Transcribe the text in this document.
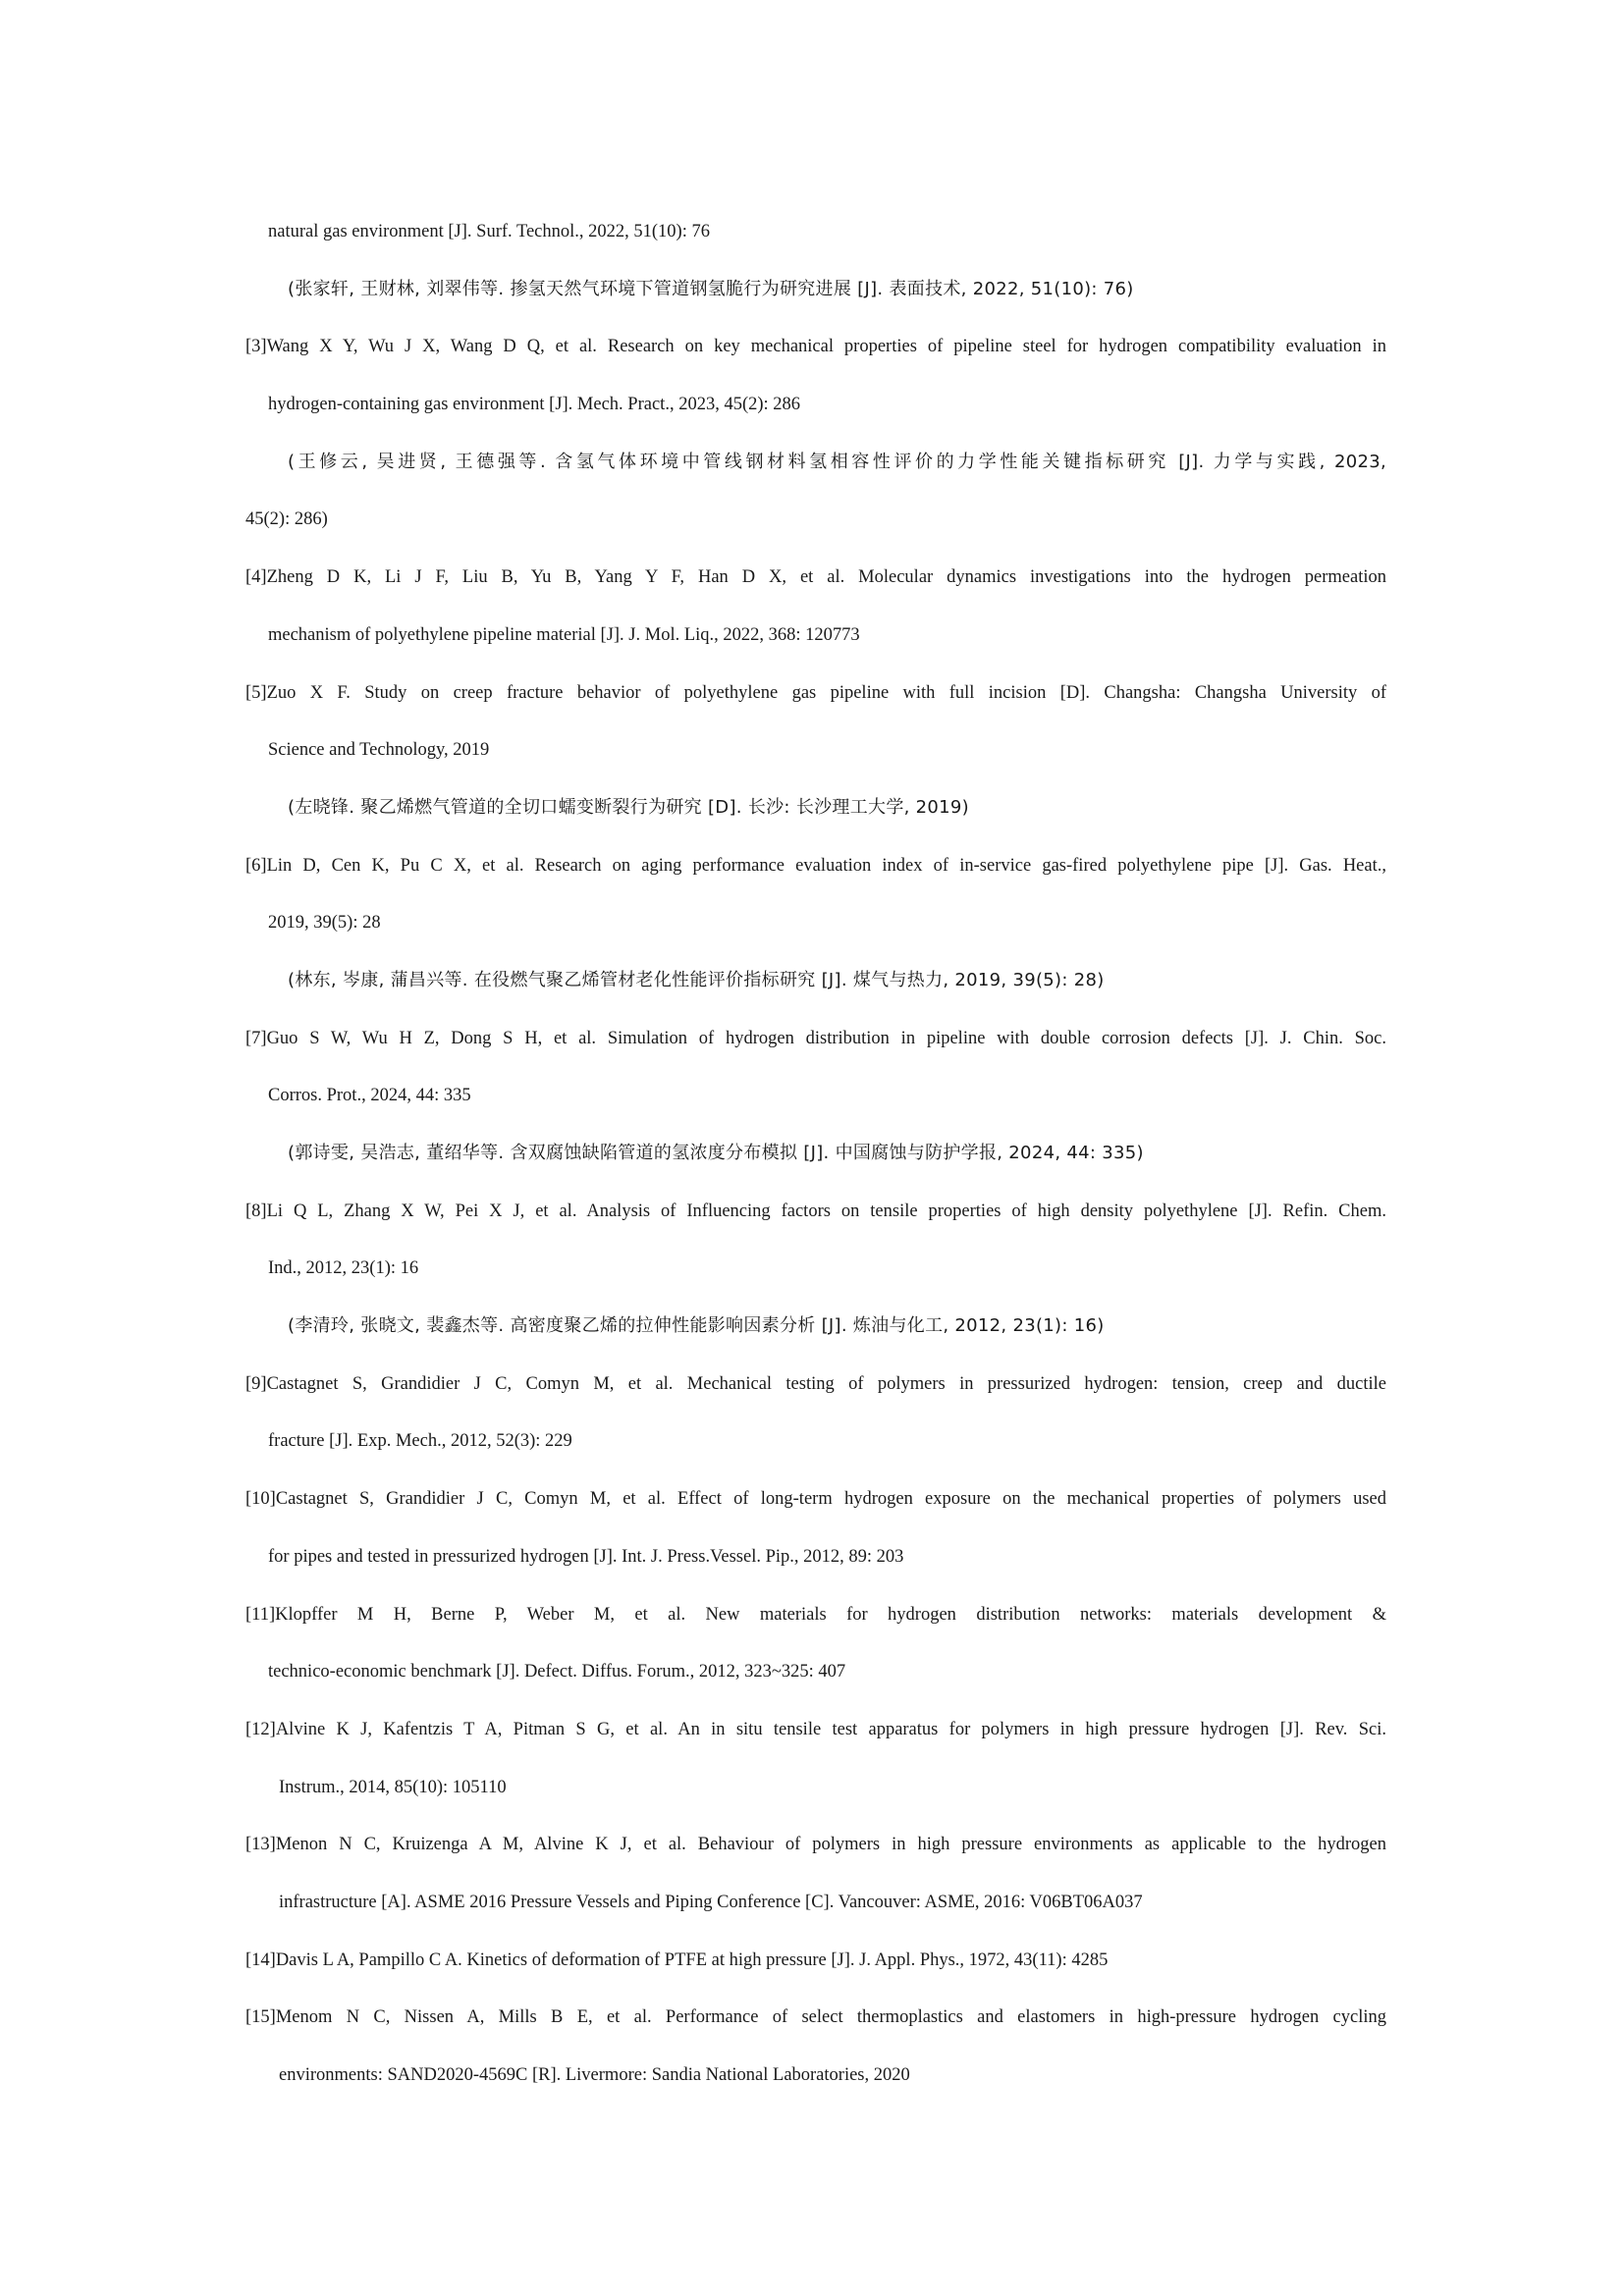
natural gas environment [J]. Surf. Technol., 2022, 51(10): 76
(张家轩, 王财林, 刘翠伟等. 掺氢天然气环境下管道钢氢脆行为研究进展 [J]. 表面技术, 2022, 51(10): 76)
[3]Wang X Y, Wu J X, Wang D Q, et al. Research on key mechanical properties of pipeline steel for hydrogen compatibility evaluation in
hydrogen-containing gas environment [J]. Mech. Pract., 2023, 45(2): 286
(王修云, 吴进贤, 王德强等. 含氢气体环境中管线钢材料氢相容性评价的力学性能关键指标研究 [J]. 力学与实践, 2023,
45(2): 286)
[4]Zheng D K, Li J F, Liu B, Yu B, Yang Y F, Han D X, et al. Molecular dynamics investigations into the hydrogen permeation
mechanism of polyethylene pipeline material [J]. J. Mol. Liq., 2022, 368: 120773
[5]Zuo X F. Study on creep fracture behavior of polyethylene gas pipeline with full incision [D]. Changsha: Changsha University of
Science and Technology, 2019
(左晓锋. 聚乙烯燃气管道的全切口蠕变断裂行为研究 [D]. 长沙: 长沙理工大学, 2019)
[6]Lin D, Cen K, Pu C X, et al. Research on aging performance evaluation index of in-service gas-fired polyethylene pipe [J]. Gas. Heat.,
2019, 39(5): 28
(林东, 岑康, 蒲昌兴等. 在役燃气聚乙烯管材老化性能评价指标研究 [J]. 煤气与热力, 2019, 39(5): 28)
[7]Guo S W, Wu H Z, Dong S H, et al. Simulation of hydrogen distribution in pipeline with double corrosion defects [J]. J. Chin. Soc.
Corros. Prot., 2024, 44: 335
(郭诗雯, 吴浩志, 董绍华等. 含双腐蚀缺陷管道的氢浓度分布模拟 [J]. 中国腐蚀与防护学报, 2024, 44: 335)
[8]Li Q L, Zhang X W, Pei X J, et al. Analysis of Influencing factors on tensile properties of high density polyethylene [J]. Refin. Chem.
Ind., 2012, 23(1): 16
(李清玲, 张晓文, 裴鑫杰等. 高密度聚乙烯的拉伸性能影响因素分析 [J]. 炼油与化工, 2012, 23(1): 16)
[9]Castagnet S, Grandidier J C, Comyn M, et al. Mechanical testing of polymers in pressurized hydrogen: tension, creep and ductile
fracture [J]. Exp. Mech., 2012, 52(3): 229
[10]Castagnet S, Grandidier J C, Comyn M, et al. Effect of long-term hydrogen exposure on the mechanical properties of polymers used
for pipes and tested in pressurized hydrogen [J]. Int. J. Press.Vessel. Pip., 2012, 89: 203
[11]Klopffer M H, Berne P, Weber M, et al. New materials for hydrogen distribution networks: materials development &
technico-economic benchmark [J]. Defect. Diffus. Forum., 2012, 323~325: 407
[12]Alvine K J, Kafentzis T A, Pitman S G, et al. An in situ tensile test apparatus for polymers in high pressure hydrogen [J]. Rev. Sci.
Instrum., 2014, 85(10): 105110
[13]Menon N C, Kruizenga A M, Alvine K J, et al. Behaviour of polymers in high pressure environments as applicable to the hydrogen
infrastructure [A]. ASME 2016 Pressure Vessels and Piping Conference [C]. Vancouver: ASME, 2016: V06BT06A037
[14]Davis L A, Pampillo C A. Kinetics of deformation of PTFE at high pressure [J]. J. Appl. Phys., 1972, 43(11): 4285
[15]Menom N C, Nissen A, Mills B E, et al. Performance of select thermoplastics and elastomers in high-pressure hydrogen cycling
environments: SAND2020-4569C [R]. Livermore: Sandia National Laboratories, 2020
